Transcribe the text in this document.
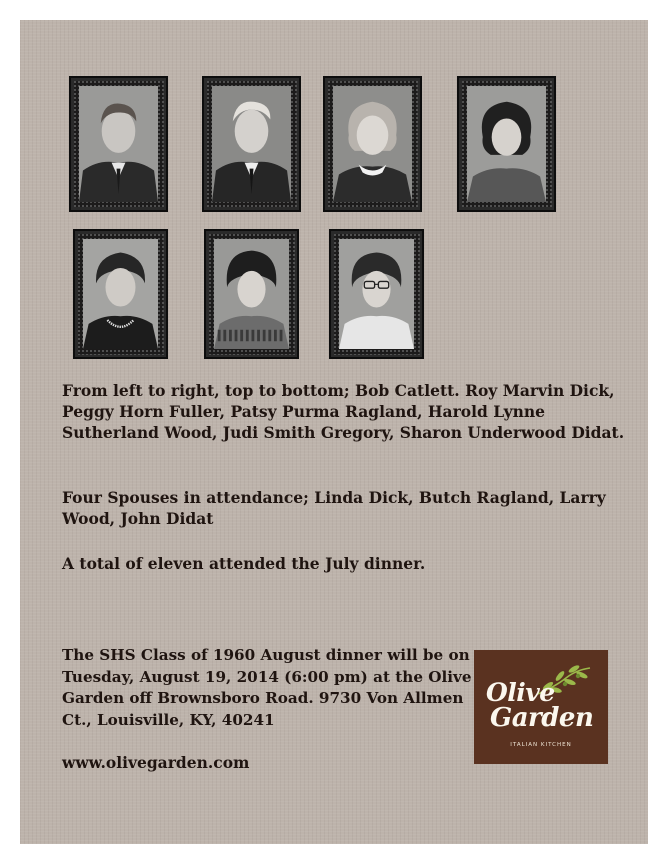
From left to right, top to bottom; Bob Catlett. Roy Marvin Dick, Peggy Horn Fuller, Patsy Purma Ragland, Harold Lynne Sutherland Wood, Judi Smith Gregory, Sharon Underwood Didat.
Four Spouses in attendance; Linda Dick, Butch Ragland, Larry Wood, John Didat
A total of eleven attended the July dinner.
The SHS Class of 1960 August dinner will be on Tuesday, August 19, 2014 (6:00 pm) at the Olive Garden off Brownsboro Road. 9730 Von Allmen Ct., Louisville, KY, 40241
www.olivegarden.com
Olive
Garden
ITALIAN KITCHEN
